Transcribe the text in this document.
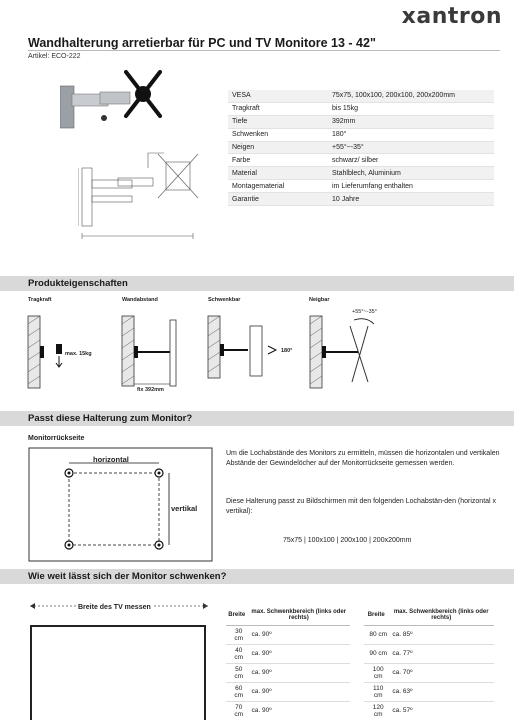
xantron
Wandhalterung arretierbar für PC und TV Monitore 13 - 42"
Artikel: ECO-222
VESA	75x75, 100x100, 200x100, 200x200mm
Tragkraft	bis 15kg
Tiefe	392mm
Schwenken	180°
Neigen	+55°~-35°
Farbe	schwarz/ silber
Material	Stahlblech, Aluminium
Montagematerial	im Lieferumfang enthalten
Garantie	10 Jahre
Produkteigenschaften
Tragkraft	Wandabstand	Schwenkbar	Neigbar
max. 15kg
fix 392mm
180°
+55°~-35°
Passt diese Halterung zum Monitor?
Monitorrückseite
horizontal
vertikal
Um die Lochabstände des Monitors zu ermitteln, müssen die horizontalen und vertikalen Abstände der Gewindelöcher auf der Monitorrückseite gemessen werden.
Diese Halterung passt zu Bildschirmen mit den folgenden Lochabstän-den (horizontal x vertikal):
75x75 | 100x100 | 200x100 | 200x200mm
Wie weit lässt sich der Monitor schwenken?
Breite des TV messen
Breite	max. Schwenkbereich (links oder rechts)
30 cm	ca. 90º
40 cm	ca. 90º
50 cm	ca. 90º
60 cm	ca. 90º
70 cm	ca. 90º
Breite	max. Schwenkbereich (links oder rechts)
80 cm	ca. 85º
90 cm	ca. 77º
100 cm	ca. 70º
110 cm	ca. 63º
120 cm	ca. 57º
